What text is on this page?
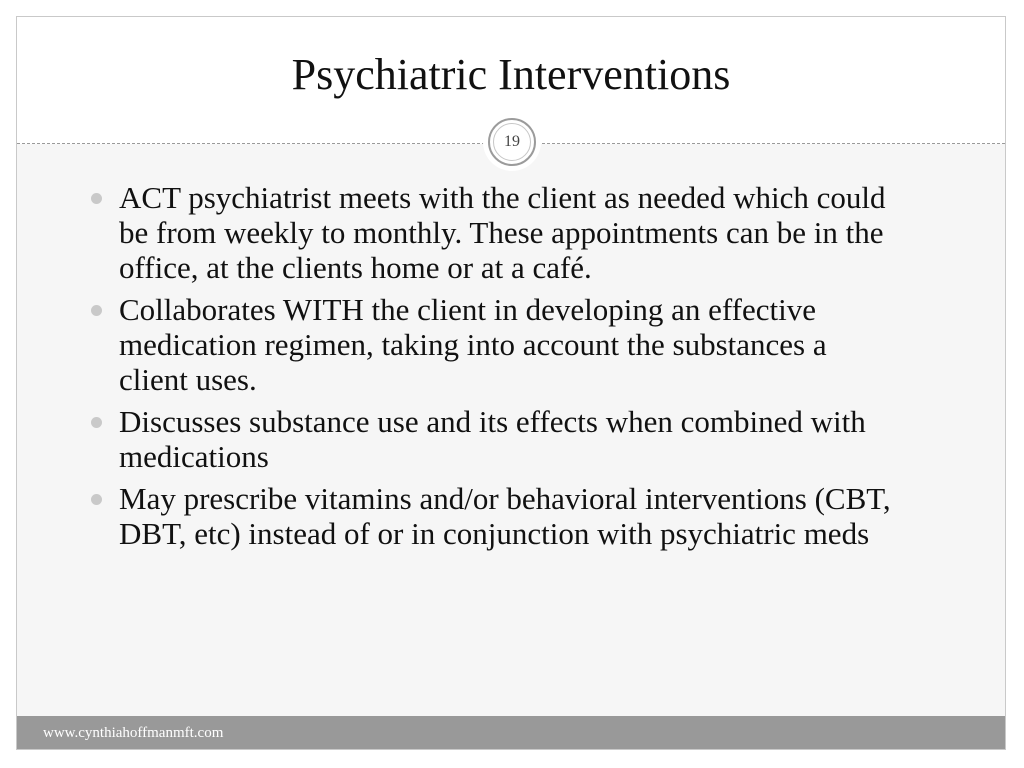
Psychiatric Interventions
19
ACT psychiatrist meets with the client as needed which could be from weekly to monthly. These appointments can be in the office, at the clients home or at a café.
Collaborates WITH the client in developing an effective medication regimen, taking into account the substances a client uses.
Discusses substance use and its effects when combined with medications
May prescribe vitamins and/or behavioral interventions (CBT, DBT, etc) instead of or in conjunction with psychiatric meds
www.cynthiahoffmanmft.com
